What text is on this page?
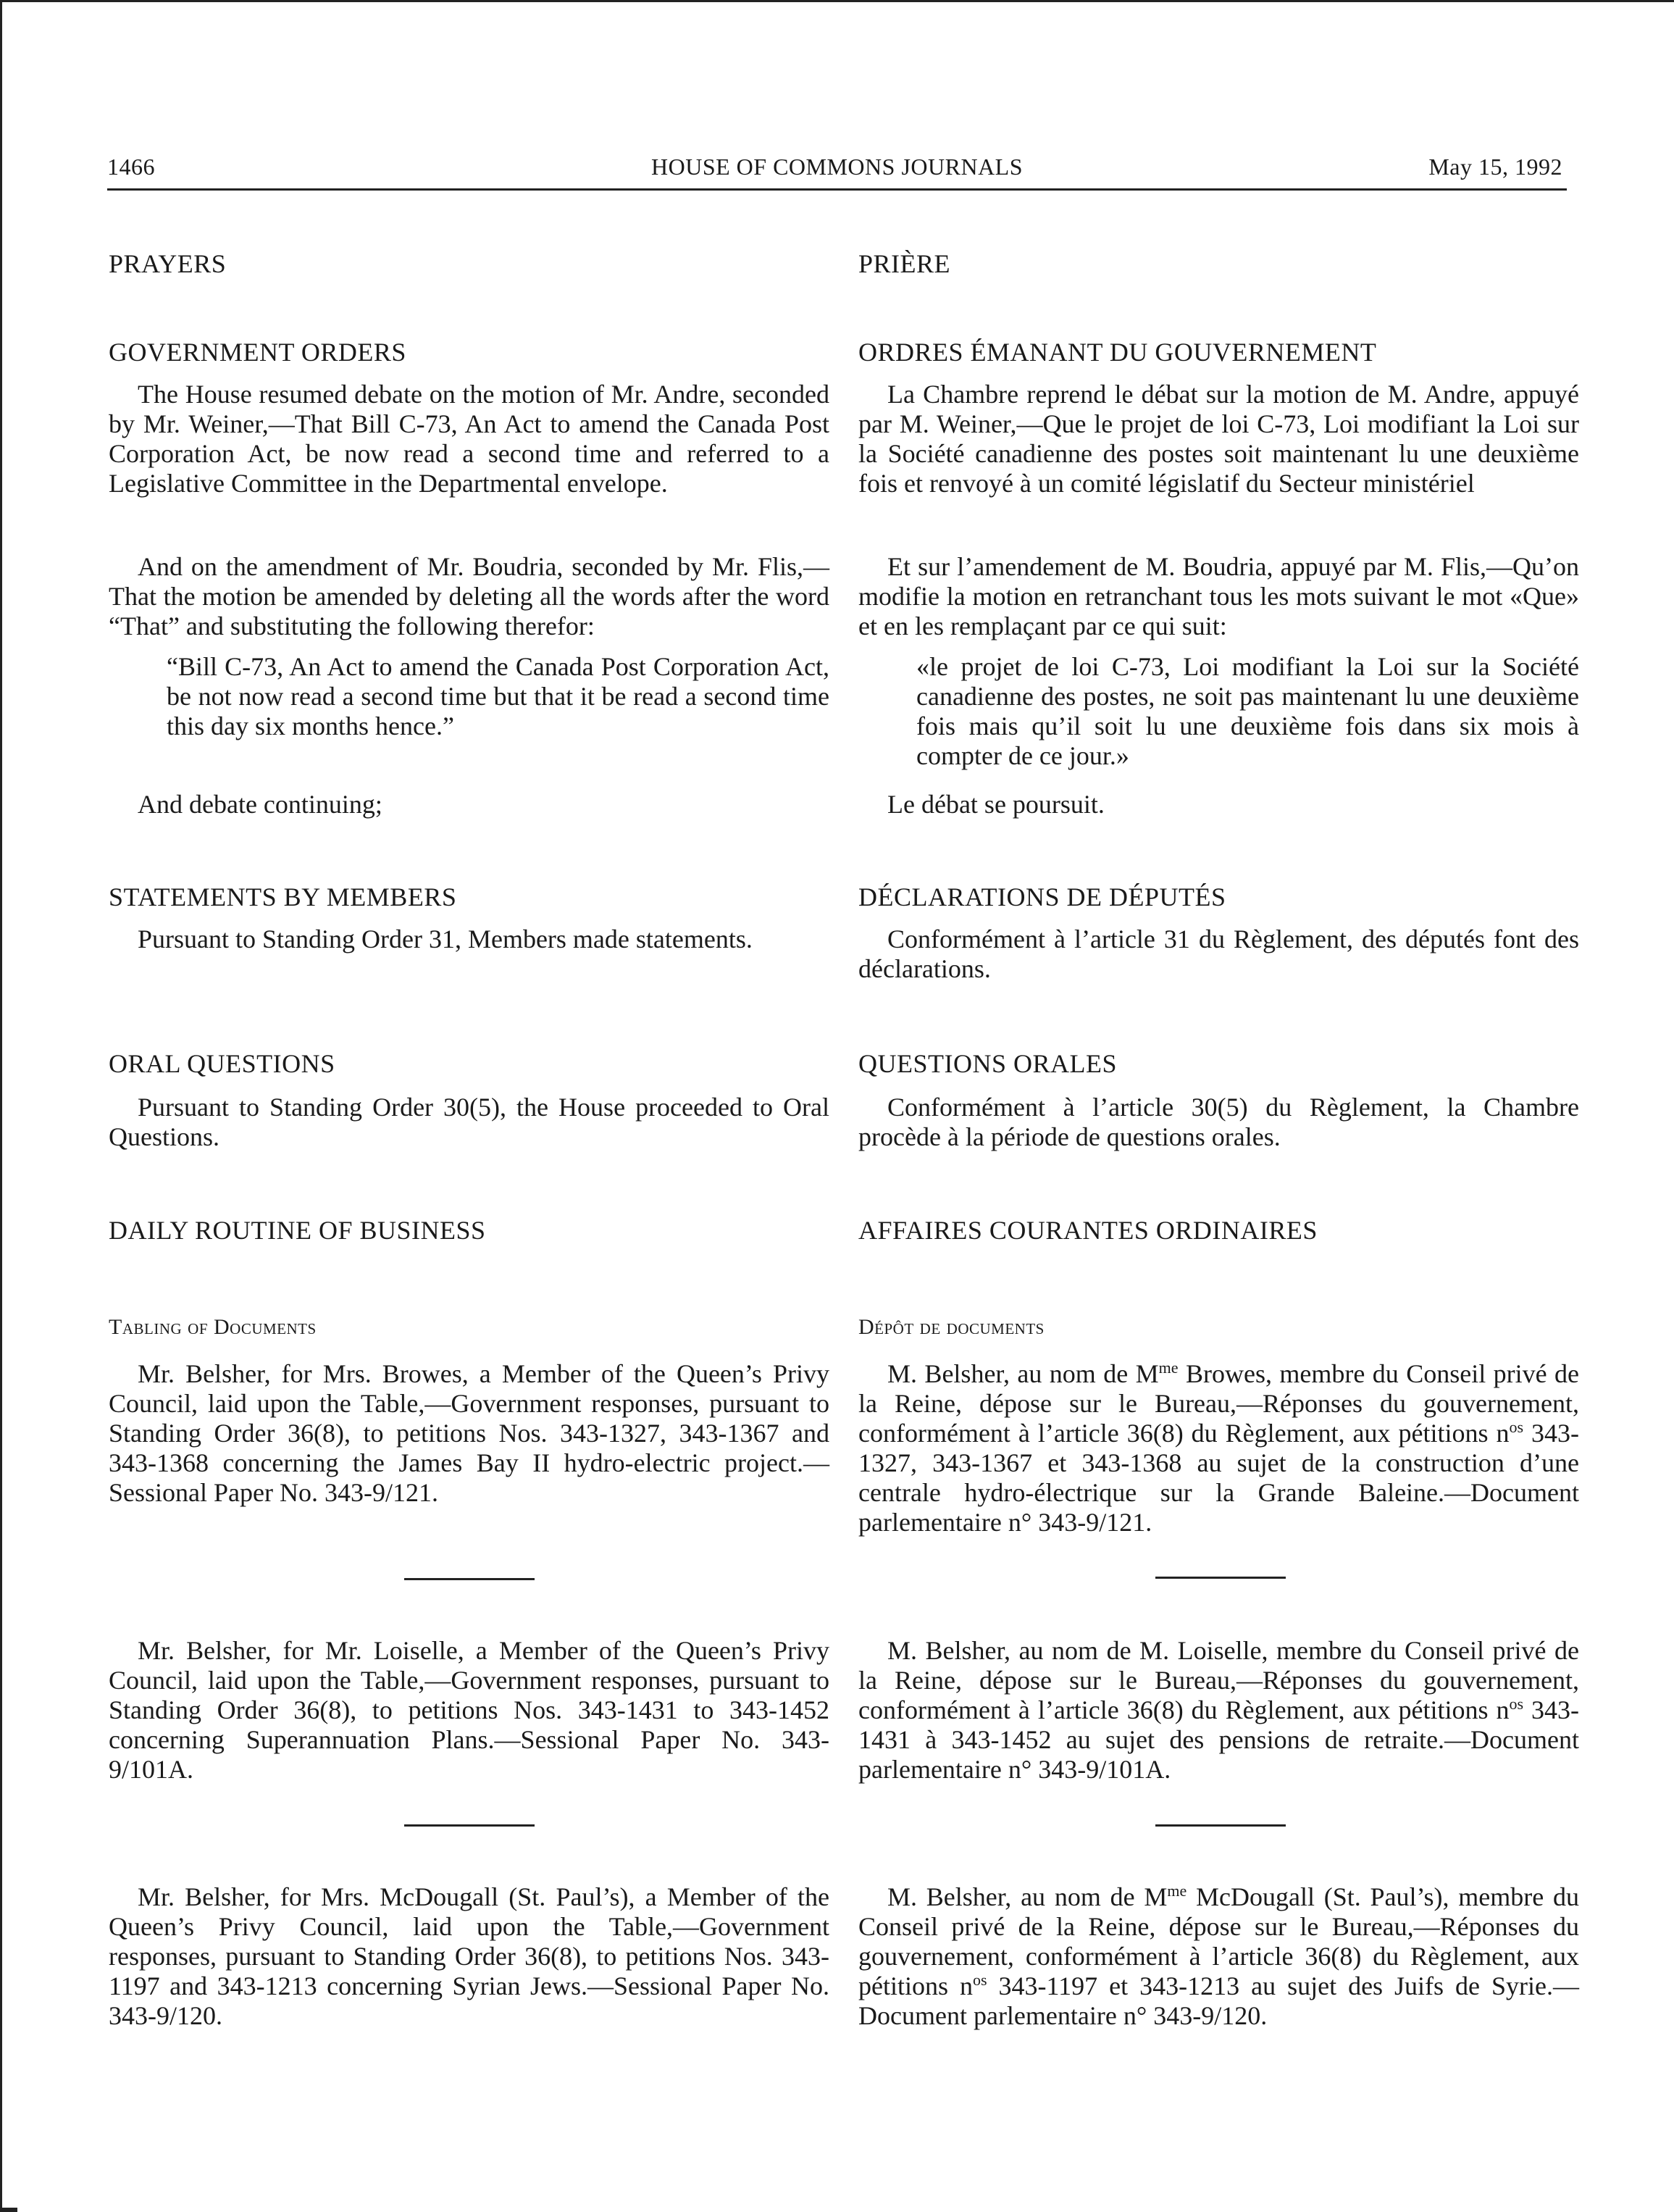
1466	HOUSE OF COMMONS JOURNALS	May 15, 1992
PRAYERS
GOVERNMENT ORDERS

The House resumed debate on the motion of Mr. Andre, seconded by Mr. Weiner,—That Bill C-73, An Act to amend the Canada Post Corporation Act, be now read a second time and referred to a Legislative Committee in the Departmental envelope.

And on the amendment of Mr. Boudria, seconded by Mr. Flis,—That the motion be amended by deleting all the words after the word “That” and substituting the following therefor:

“Bill C-73, An Act to amend the Canada Post Corporation Act, be not now read a second time but that it be read a second time this day six months hence.”

And debate continuing;

STATEMENTS BY MEMBERS

Pursuant to Standing Order 31, Members made statements.

ORAL QUESTIONS

Pursuant to Standing Order 30(5), the House proceeded to Oral Questions.

DAILY ROUTINE OF BUSINESS
Tabling of Documents

Mr. Belsher, for Mrs. Browes, a Member of the Queen’s Privy Council, laid upon the Table,—Government responses, pursuant to Standing Order 36(8), to petitions Nos. 343-1327, 343-1367 and 343-1368 concerning the James Bay II hydro-electric project.—Sessional Paper No. 343-9/121.

Mr. Belsher, for Mr. Loiselle, a Member of the Queen’s Privy Council, laid upon the Table,—Government responses, pursuant to Standing Order 36(8), to petitions Nos. 343-1431 to 343-1452 concerning Superannuation Plans.—Sessional Paper No. 343-9/101A.

Mr. Belsher, for Mrs. McDougall (St. Paul’s), a Member of the Queen’s Privy Council, laid upon the Table,—Government responses, pursuant to Standing Order 36(8), to petitions Nos. 343-1197 and 343-1213 concerning Syrian Jews.—Sessional Paper No. 343-9/120.

PRIÈRE
ORDRES ÉMANANT DU GOUVERNEMENT

La Chambre reprend le débat sur la motion de M. Andre, appuyé par M. Weiner,—Que le projet de loi C-73, Loi modifiant la Loi sur la Société canadienne des postes soit maintenant lu une deuxième fois et renvoyé à un comité législatif du Secteur ministériel

Et sur l’amendement de M. Boudria, appuyé par M. Flis,—Qu’on modifie la motion en retranchant tous les mots suivant le mot «Que» et en les remplaçant par ce qui suit:

«le projet de loi C-73, Loi modifiant la Loi sur la Société canadienne des postes, ne soit pas maintenant lu une deuxième fois mais qu’il soit lu une deuxième fois dans six mois à compter de ce jour.»

Le débat se poursuit.

DÉCLARATIONS DE DÉPUTÉS

Conformément à l’article 31 du Règlement, des députés font des déclarations.

QUESTIONS ORALES

Conformément à l’article 30(5) du Règlement, la Chambre procède à la période de questions orales.

AFFAIRES COURANTES ORDINAIRES
Dépôt de documents

M. Belsher, au nom de $M^{me}$ Browes, membre du Conseil privé de la Reine, dépose sur le Bureau,—Réponses du gouvernement, conformément à l’article 36(8) du Règlement, aux pétitions $n^{os}$ 343-1327, 343-1367 et 343-1368 au sujet de la construction d’une centrale hydro-électrique sur la Grande Baleine.—Document parlementaire n° 343-9/121.

M. Belsher, au nom de M. Loiselle, membre du Conseil privé de la Reine, dépose sur le Bureau,—Réponses du gouvernement, conformément à l’article 36(8) du Règlement, aux pétitions $n^{os}$ 343-1431 à 343-1452 au sujet des pensions de retraite.—Document parlementaire n° 343-9/101A.

M. Belsher, au nom de $M^{me}$ McDougall (St. Paul’s), membre du Conseil privé de la Reine, dépose sur le Bureau,—Réponses du gouvernement, conformément à l’article 36(8) du Règlement, aux pétitions $n^{os}$ 343-1197 et 343-1213 au sujet des Juifs de Syrie.—Document parlementaire n° 343-9/120.
